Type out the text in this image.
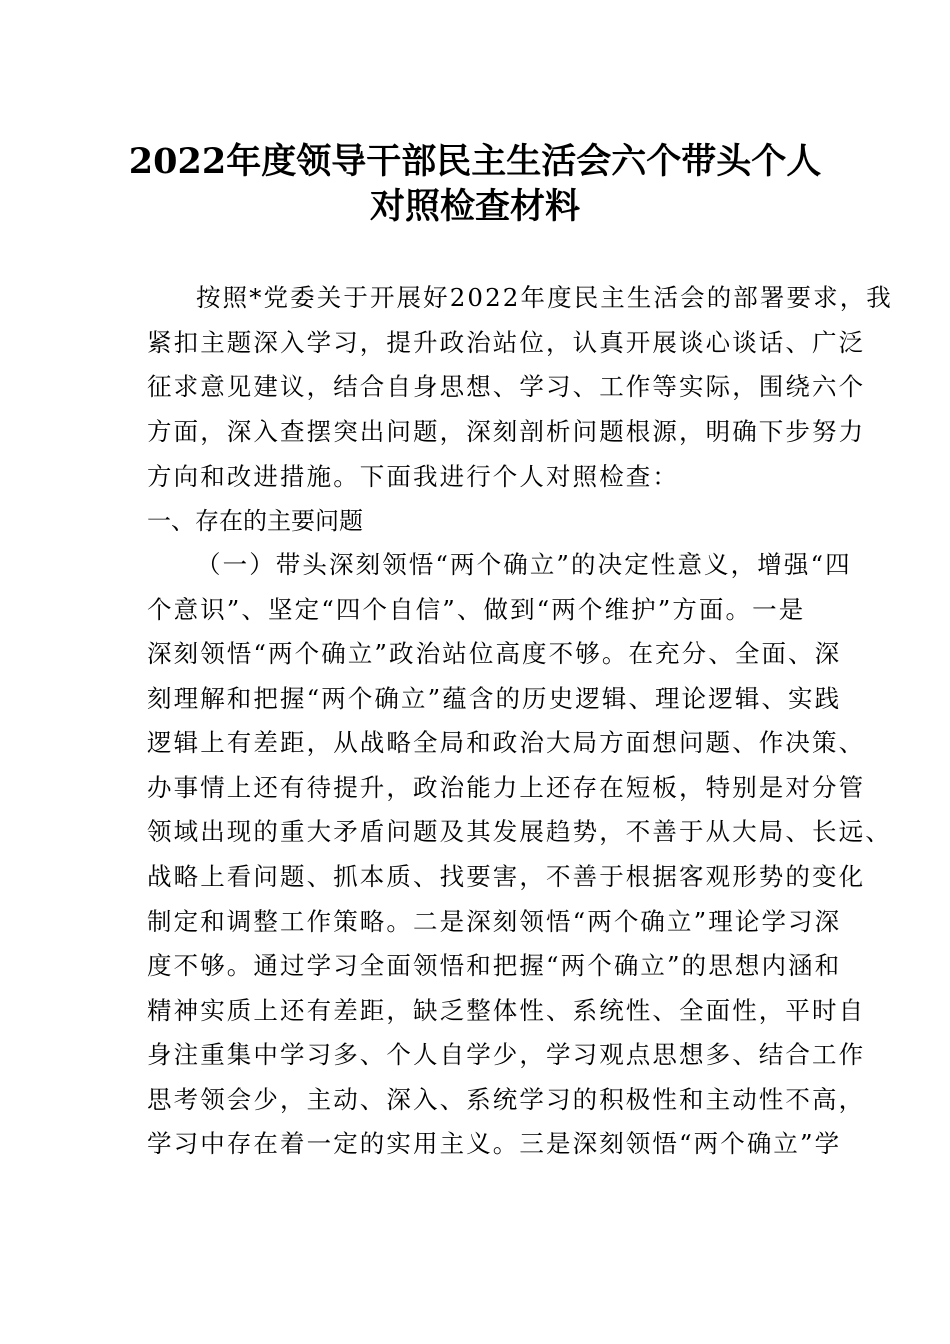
2022年度领导干部民主生活会六个带头个人
对照检查材料
按照*党委关于开展好2022年度民主生活会的部署要求，我
紧扣主题深入学习，提升政治站位，认真开展谈心谈话、广泛
征求意见建议，结合自身思想、学习、工作等实际，围绕六个
方面，深入查摆突出问题，深刻剖析问题根源，明确下步努力
方向和改进措施。下面我进行个人对照检查：
一、存在的主要问题
（一）带头深刻领悟“两个确立”的决定性意义，增强“四
个意识”、坚定“四个自信”、做到“两个维护”方面。一是
深刻领悟“两个确立”政治站位高度不够。在充分、全面、深
刻理解和把握“两个确立”蕴含的历史逻辑、理论逻辑、实践
逻辑上有差距，从战略全局和政治大局方面想问题、作决策、
办事情上还有待提升，政治能力上还存在短板，特别是对分管
领域出现的重大矛盾问题及其发展趋势，不善于从大局、长远、
战略上看问题、抓本质、找要害，不善于根据客观形势的变化
制定和调整工作策略。二是深刻领悟“两个确立”理论学习深
度不够。通过学习全面领悟和把握“两个确立”的思想内涵和
精神实质上还有差距，缺乏整体性、系统性、全面性，平时自
身注重集中学习多、个人自学少，学习观点思想多、结合工作
思考领会少，主动、深入、系统学习的积极性和主动性不高，
学习中存在着一定的实用主义。三是深刻领悟“两个确立”学
